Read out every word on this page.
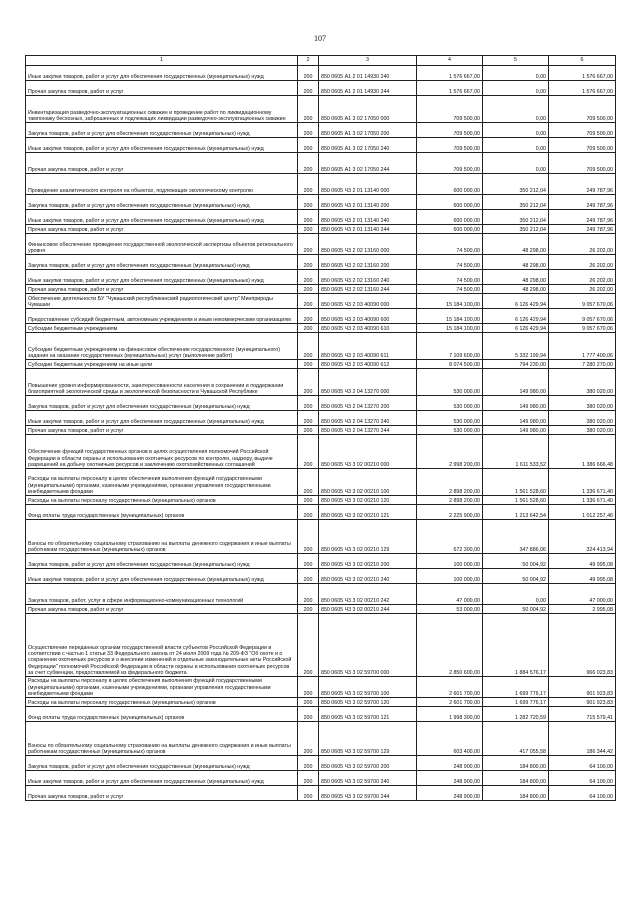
107
1	2	3	4	5	6
Иные закупки товаров, работ и услуг для обеспечения государственных (муниципальных) нужд	200	850 0605 А1 2 01 14930 240	1 576 667,00	0,00	1 576 667,00
Прочая закупка товаров, работ и услуг	200	850 0605 А1 2 01 14930 244	1 576 667,00	0,00	1 576 667,00
Инвентаризация разведочно-эксплуатационных скважин и проведение работ по ликвидационному тампонажу бесхозных, заброшенных и подлежащих ликвидации разведочно-эксплуатационных скважин	200	850 0605 А1 3 02 17050 000	709 500,00	0,00	709 500,00
Закупка товаров, работ и услуг для обеспечения государственных (муниципальных) нужд	200	850 0605 А1 3 02 17050 200	709 500,00	0,00	709 500,00
Иные закупки товаров, работ и услуг для обеспечения государственных (муниципальных) нужд	200	850 0605 А1 3 02 17050 240	709 500,00	0,00	709 500,00
Прочая закупка товаров, работ и услуг	200	850 0605 А1 3 02 17050 244	709 500,00	0,00	709 500,00
Проведение аналитического контроля на объектах, подлежащих экологическому контролю	200	850 0605 Ч3 2 01 13140 000	600 000,00	350 212,04	249 787,96
Закупка товаров, работ и услуг для обеспечения государственных (муниципальных) нужд	200	850 0605 Ч3 2 01 13140 200	600 000,00	350 212,04	249 787,96
Иные закупки товаров, работ и услуг для обеспечения государственных (муниципальных) нужд	200	850 0605 Ч3 2 01 13140 240	600 000,00	350 212,04	249 787,96
Прочая закупка товаров, работ и услуг	200	850 0605 Ч3 2 01 13140 244	600 000,00	350 212,04	249 787,96
Финансовое обеспечение проведения государственной экологической экспертизы объектов регионального уровня	200	850 0605 Ч3 2 02 13160 000	74 500,00	48 298,00	26 202,00
Закупка товаров, работ и услуг для обеспечения государственных (муниципальных) нужд	200	850 0605 Ч3 2 02 13160 200	74 500,00	48 298,00	26 202,00
Иные закупки товаров, работ и услуг для обеспечения государственных (муниципальных) нужд	200	850 0605 Ч3 2 02 13160 240	74 500,00	48 298,00	26 202,00
Прочая закупка товаров, работ и услуг	200	850 0605 Ч3 2 02 13160 244	74 500,00	48 298,00	26 202,00
Обеспечение деятельности БУ "Чувашский республиканский радиологический центр" Минприроды Чувашии	200	850 0605 Ч3 2 03 40090 000	15 184 100,00	6 126 429,94	9 057 670,06
Предоставление субсидий бюджетным, автономным учреждениям и иным некоммерческим организациям	200	850 0605 Ч3 2 03 40090 600	15 184 100,00	6 126 429,94	9 057 670,06
Субсидии бюджетным учреждениям	200	850 0605 Ч3 2 03 40090 610	15 184 100,00	6 126 429,94	9 057 670,06
Субсидии бюджетным учреждениям на финансовое обеспечение государственного (муниципального) задания на оказание государственных (муниципальных) услуг (выполнение работ)	200	850 0605 Ч3 2 03 40090 611	7 109 600,00	5 332 199,94	1 777 400,06
Субсидии бюджетным учреждениям на иные цели	200	850 0605 Ч3 2 03 40090 612	8 074 500,00	794 230,00	7 280 270,00
Повышение уровня информированности, заинтересованности населения в сохранении и поддержании благоприятной экологической среды и экологической безопасности в Чувашской Республике	200	850 0605 Ч3 2 04 13270 000	530 000,00	149 980,00	380 020,00
Закупка товаров, работ и услуг для обеспечения государственных (муниципальных) нужд	200	850 0605 Ч3 2 04 13270 200	530 000,00	149 980,00	380 020,00
Иные закупки товаров, работ и услуг для обеспечения государственных (муниципальных) нужд	200	850 0605 Ч3 2 04 13270 240	530 000,00	149 980,00	380 020,00
Прочая закупка товаров, работ и услуг	200	850 0605 Ч3 2 04 13270 244	530 000,00	149 980,00	380 020,00
Обеспечение функций государственных органов в целях осуществления полномочий Российской Федерации в области охраны и использования охотничьих ресурсов по контролю, надзору, выдаче разрешений на добычу охотничьих ресурсов и заключению охотхозяйственных соглашений	200	850 0605 Ч3 3 02 00210 000	2 998 200,00	1 611 533,52	1 386 666,48
Расходы на выплаты персоналу в целях обеспечения выполнения функций государственными (муниципальными) органами, казенными учреждениями, органами управления государственными внебюджетными фондами	200	850 0605 Ч3 3 02 00210 100	2 898 200,00	1 561 528,60	1 336 671,40
Расходы на выплаты персоналу государственных (муниципальных) органов	200	850 0605 Ч3 3 02 00210 120	2 898 200,00	1 561 528,60	1 336 671,40
Фонд оплаты труда государственных (муниципальных) органов	200	850 0605 Ч3 3 02 00210 121	2 225 900,00	1 213 642,54	1 012 257,46
Взносы по обязательному социальному страхованию на выплаты денежного содержания и иные выплаты работникам государственных (муниципальных) органов	200	850 0605 Ч3 3 02 00210 129	672 300,00	347 886,06	324 413,94
Закупка товаров, работ и услуг для обеспечения государственных (муниципальных) нужд	200	850 0605 Ч3 3 02 00210 200	100 000,00	50 004,92	49 995,08
Иные закупки товаров, работ и услуг для обеспечения государственных (муниципальных) нужд	200	850 0605 Ч3 3 02 00210 240	100 000,00	50 004,92	49 995,08
Закупка товаров, работ, услуг в сфере информационно-коммуникационных технологий	200	850 0605 Ч3 3 02 00210 242	47 000,00	0,00	47 000,00
Прочая закупка товаров, работ и услуг	200	850 0605 Ч3 3 02 00210 244	53 000,00	50 004,92	2 995,08
Осуществление переданных органам государственной власти субъектов Российской Федерации в соответствии с частью 1 статьи 33 Федерального закона от 24 июля 2009 года № 209-ФЗ "Об охоте и о сохранении охотничьих ресурсов и о внесении изменений в отдельные законодательные акты Российской Федерации" полномочий Российской Федерации в области охраны и использования охотничьих ресурсов за счет субвенции, предоставляемой из федерального бюджета	200	850 0605 Ч3 3 02 59700 000	2 850 600,00	1 884 576,17	966 023,83
Расходы на выплаты персоналу в целях обеспечения выполнения функций государственными (муниципальными) органами, казенными учреждениями, органами управления государственными внебюджетными фондами	200	850 0605 Ч3 3 02 59700 100	2 601 700,00	1 699 776,17	901 923,83
Расходы на выплаты персоналу государственных (муниципальных) органов	200	850 0605 Ч3 3 02 59700 120	2 601 700,00	1 699 776,17	901 923,83
Фонд оплаты труда государственных (муниципальных) органов	200	850 0605 Ч3 3 02 59700 121	1 998 300,00	1 282 720,59	715 579,41
Взносы по обязательному социальному страхованию на выплаты денежного содержания и иные выплаты работникам государственных (муниципальных) органов	200	850 0605 Ч3 3 02 59700 129	603 400,00	417 055,58	186 344,42
Закупка товаров, работ и услуг для обеспечения государственных (муниципальных) нужд	200	850 0605 Ч3 3 02 59700 200	248 900,00	184 800,00	64 100,00
Иные закупки товаров, работ и услуг для обеспечения государственных (муниципальных) нужд	200	850 0605 Ч3 3 02 59700 240	248 900,00	184 800,00	64 100,00
Прочая закупка товаров, работ и услуг	200	850 0605 Ч3 3 02 59700 244	248 900,00	184 800,00	64 100,00
